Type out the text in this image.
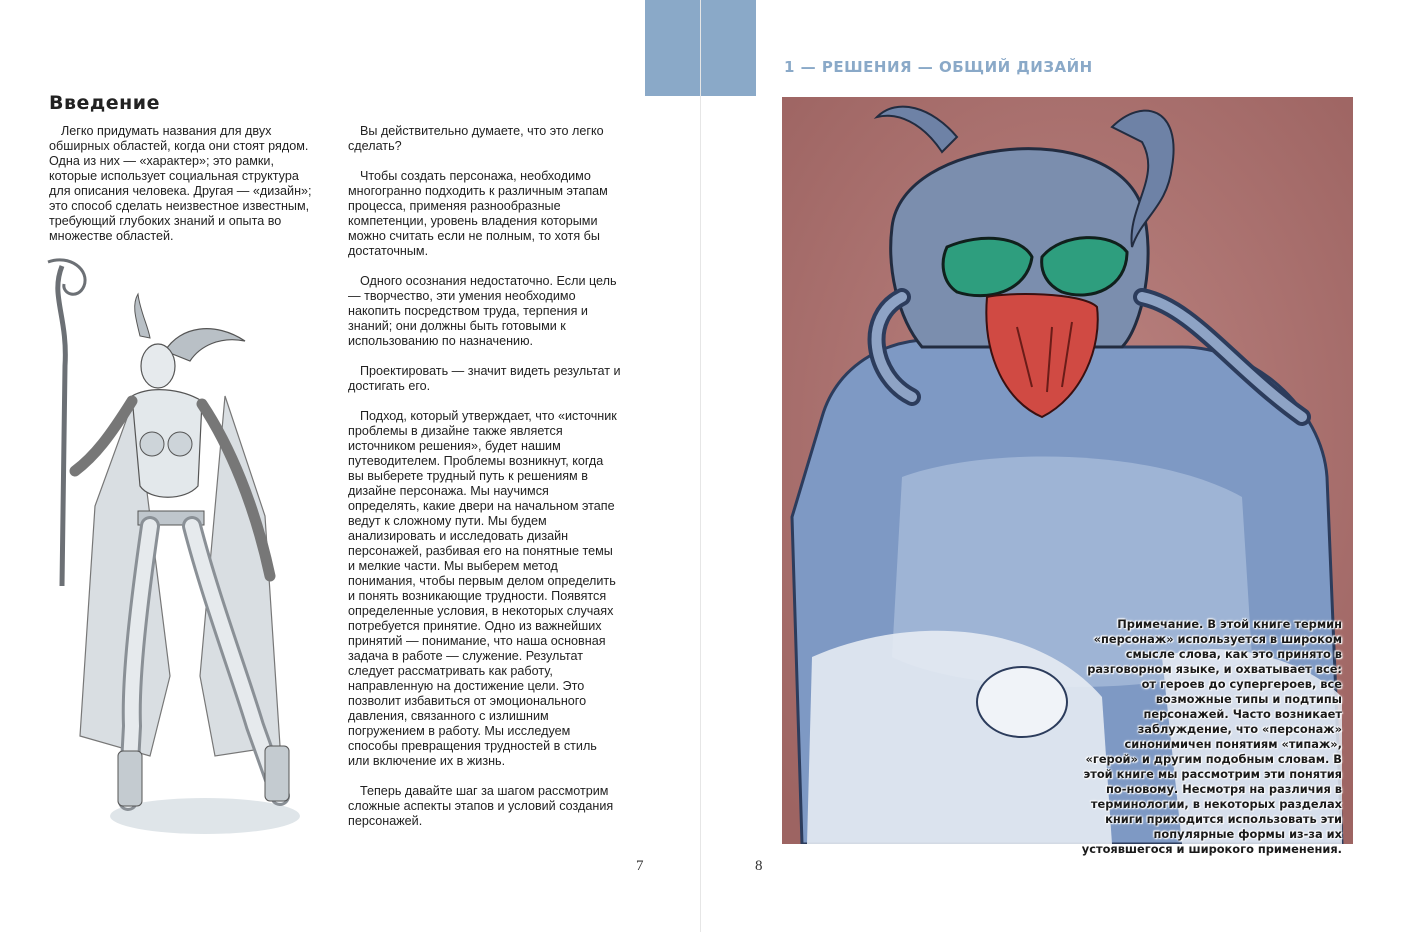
Введение

Легко придумать названия для двух обширных областей, когда они стоят рядом. Одна из них — «характер»; это рамки, которые использует социальная структура для описания человека. Другая — «дизайн»; это способ сделать неизвестное известным, требующий глубоких знаний и опыта во множестве областей.

Вы действительно думаете, что это легко сделать?

Чтобы создать персонажа, необходимо многогранно подходить к различным этапам процесса, применяя разнообразные компетенции, уровень владения которыми можно считать если не полным, то хотя бы достаточным.

Одного осознания недостаточно. Если цель — творчество, эти умения необходимо накопить посредством труда, терпения и знаний; они должны быть готовыми к использованию по назначению.

Проектировать — значит видеть результат и достигать его.

Подход, который утверждает, что «источник проблемы в дизайне также является источником решения», будет нашим путеводителем. Проблемы возникнут, когда вы выберете трудный путь к решениям в дизайне персонажа. Мы научимся определять, какие двери на начальном этапе ведут к сложному пути. Мы будем анализировать и исследовать дизайн персонажей, разбивая его на понятные темы и мелкие части. Мы выберем метод понимания, чтобы первым делом определить и понять возникающие трудности. Появятся определенные условия, в некоторых случаях потребуется принятие. Одно из важнейших принятий — понимание, что наша основная задача в работе — служение. Результат следует рассматривать как работу, направленную на достижение цели. Это позволит избавиться от эмоционального давления, связанного с излишним погружением в работу. Мы исследуем способы превращения трудностей в стиль или включение их в жизнь.

Теперь давайте шаг за шагом рассмотрим сложные аспекты этапов и условий создания персонажей.

7
1 — РЕШЕНИЯ — ОБЩИЙ ДИЗАЙН

Примечание. В этой книге термин «персонаж» используется в широком смысле слова, как это принято в разговорном языке, и охватывает все: от героев до супергероев, все возможные типы и подтипы персонажей. Часто возникает заблуждение, что «персонаж» синонимичен понятиям «типаж», «герой» и другим подобным словам. В этой книге мы рассмотрим эти понятия по-новому. Несмотря на различия в терминологии, в некоторых разделах книги приходится использовать эти популярные формы из-за их устоявшегося и широкого применения.

8
